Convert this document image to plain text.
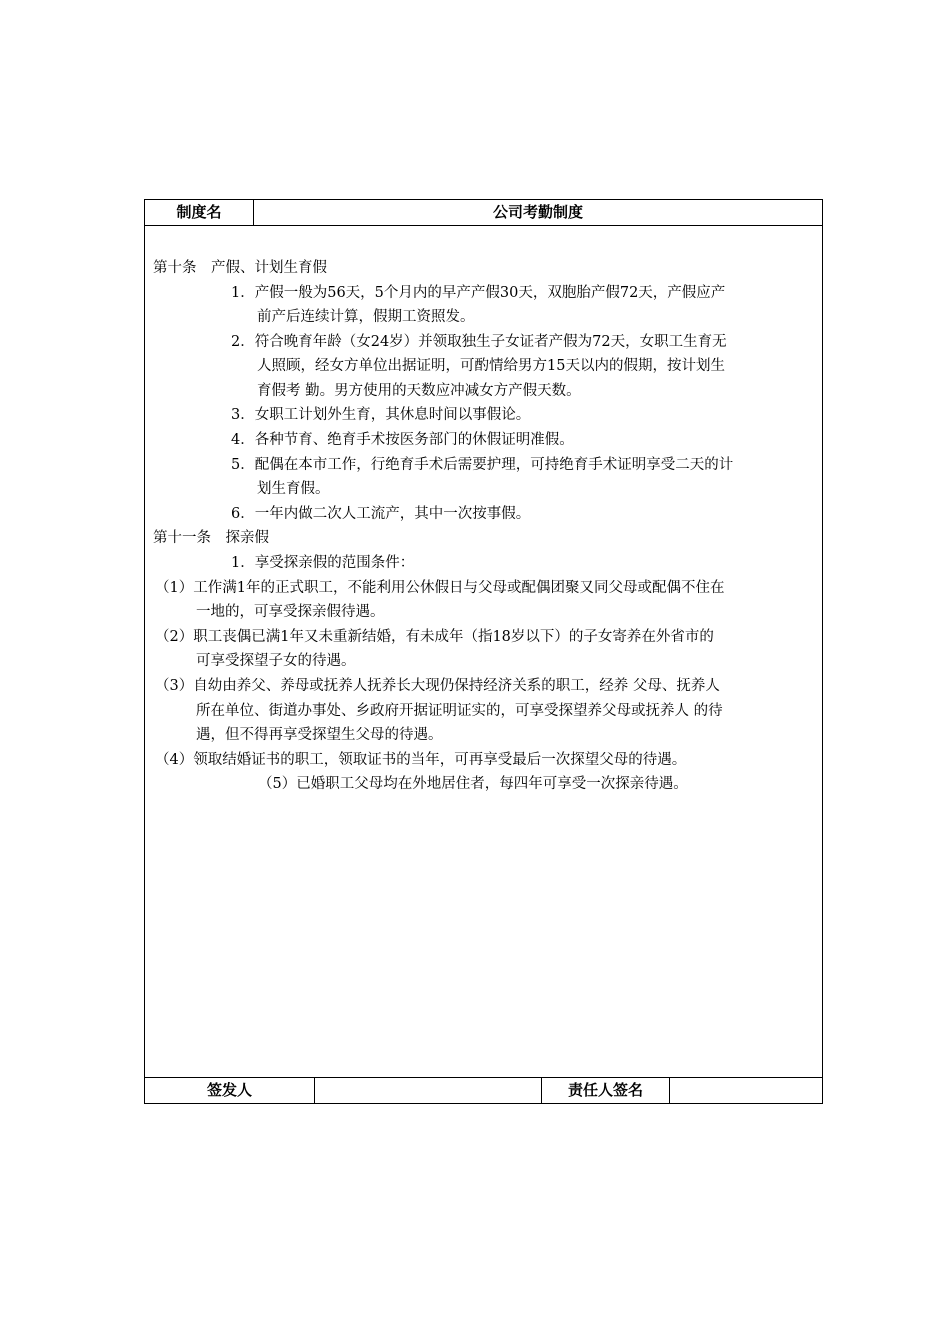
制度名	公司考勤制度
第十条　产假、计划生育假
1．产假一般为56天，5个月内的早产产假30天，双胞胎产假72天，产假应产
前产后连续计算，假期工资照发。
2．符合晚育年龄（女24岁）并领取独生子女证者产假为72天，女职工生育无
人照顾，经女方单位出据证明，可酌情给男方15天以内的假期，按计划生
育假考 勤。男方使用的天数应冲减女方产假天数。
3．女职工计划外生育，其休息时间以事假论。
4．各种节育、绝育手术按医务部门的休假证明准假。
5．配偶在本市工作，行绝育手术后需要护理，可持绝育手术证明享受二天的计
划生育假。
6．一年内做二次人工流产，其中一次按事假。
第十一条　探亲假
1．享受探亲假的范围条件：
（1）工作满1年的正式职工，不能利用公休假日与父母或配偶团聚又同父母或配偶不住在
一地的，可享受探亲假待遇。
（2）职工丧偶已满1年又未重新结婚，有未成年（指18岁以下）的子女寄养在外省市的
可享受探望子女的待遇。
（3）自幼由养父、养母或抚养人抚养长大现仍保持经济关系的职工，经养 父母、抚养人
所在单位、街道办事处、乡政府开据证明证实的，可享受探望养父母或抚养人 的待
遇，但不得再享受探望生父母的待遇。
（4）领取结婚证书的职工，领取证书的当年，可再享受最后一次探望父母的待遇。
（5）已婚职工父母均在外地居住者，每四年可享受一次探亲待遇。
签发人	责任人签名
